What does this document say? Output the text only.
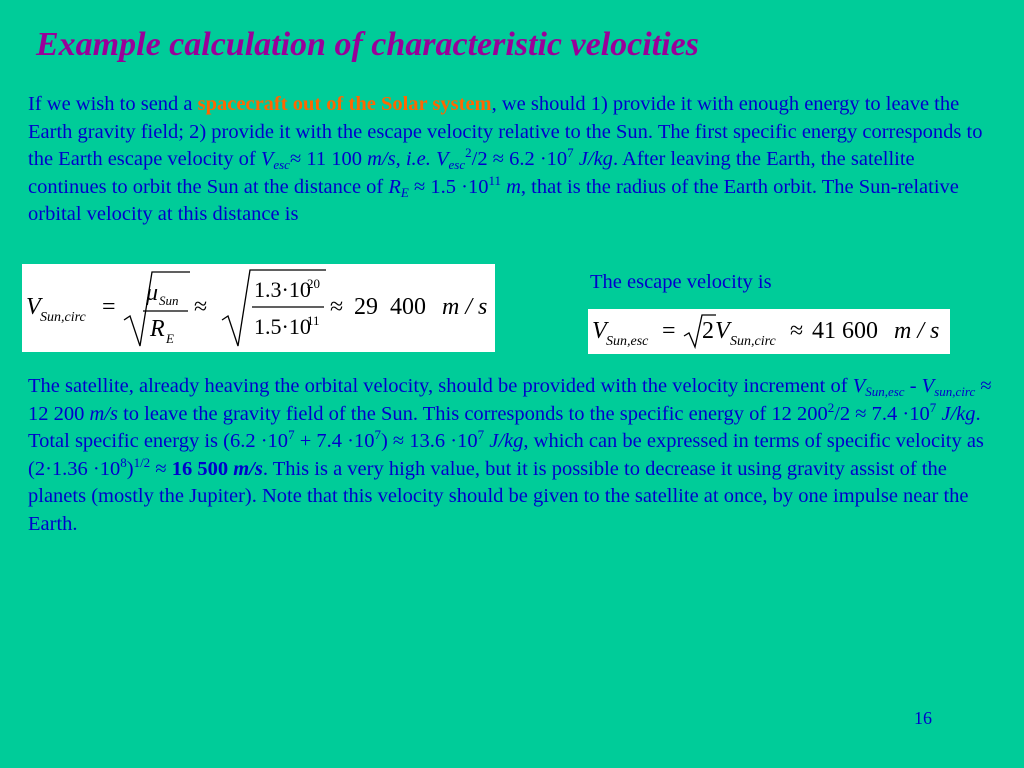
Example calculation of characteristic velocities
If we wish to send a spacecraft out of the Solar system, we should 1) provide it with enough energy to leave the Earth gravity field; 2) provide it with the escape velocity relative to the Sun. The first specific energy corresponds to the Earth escape velocity of $V_{esc}\approx 11$ 100 m/s, i.e. $V_{esc}^2/2 \approx 6.2 \cdot 10^7$ J/kg. After leaving the Earth, the satellite continues to orbit the Sun at the distance of $R_E \approx 1.5 \cdot 10^{11}$ m, that is the radius of the Earth orbit. The Sun-relative orbital velocity at this distance is
V Sun,circ =
μ Sun
R E
≈
1.3·10
20
1.5·10
11
≈ 29  400 m / s
The escape velocity is
V Sun,esc = 2 V Sun,circ ≈ 41 600 m / s
The satellite, already heaving the orbital velocity, should be provided with the velocity increment of $V_{Sun,esc} - V_{sun,circ} \approx 12$ 200 m/s to leave the gravity field of the Sun. This corresponds to the specific energy of 12 $200^2/2 \approx 7.4 \cdot 10^7$ J/kg. Total specific energy is $(6.2 \cdot 10^7 + 7.4 \cdot 10^7) \approx 13.6 \cdot 10^7$ J/kg, which can be expressed in terms of specific velocity as $(2\cdot 1.36 \cdot 10^8)^{1/2} \approx 16$ 500 m/s. This is a very high value, but it is possible to decrease it using gravity assist of the planets (mostly the Jupiter). Note that this velocity should be given to the satellite at once, by one impulse near the Earth.
16
